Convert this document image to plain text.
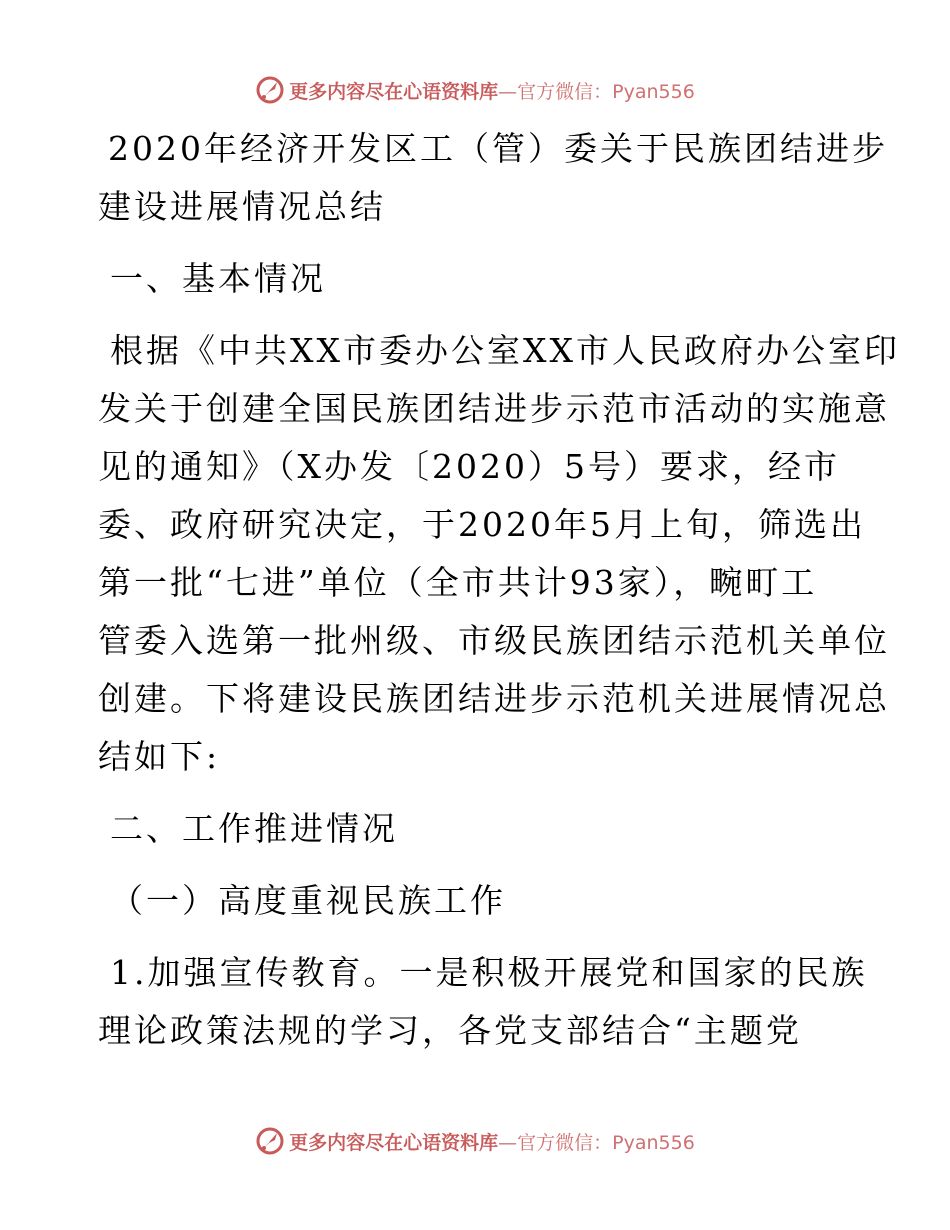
更多内容尽在心语资料库—官方微信：Pyan556
2020年经济开发区工（管）委关于民族团结进步
建设进展情况总结
一、基本情况
根据《中共XX市委办公室XX市人民政府办公室印
发关于创建全国民族团结进步示范市活动的实施意
见的通知》（X办发〔2020）5号）要求，经市
委、政府研究决定，于2020年5月上旬，筛选出
第一批“七进”单位（全市共计93家），畹町工
管委入选第一批州级、市级民族团结示范机关单位
创建。下将建设民族团结进步示范机关进展情况总
结如下:
二、工作推进情况
（一）高度重视民族工作
1.加强宣传教育。一是积极开展党和国家的民族
理论政策法规的学习，各党支部结合“主题党
更多内容尽在心语资料库—官方微信：Pyan556
